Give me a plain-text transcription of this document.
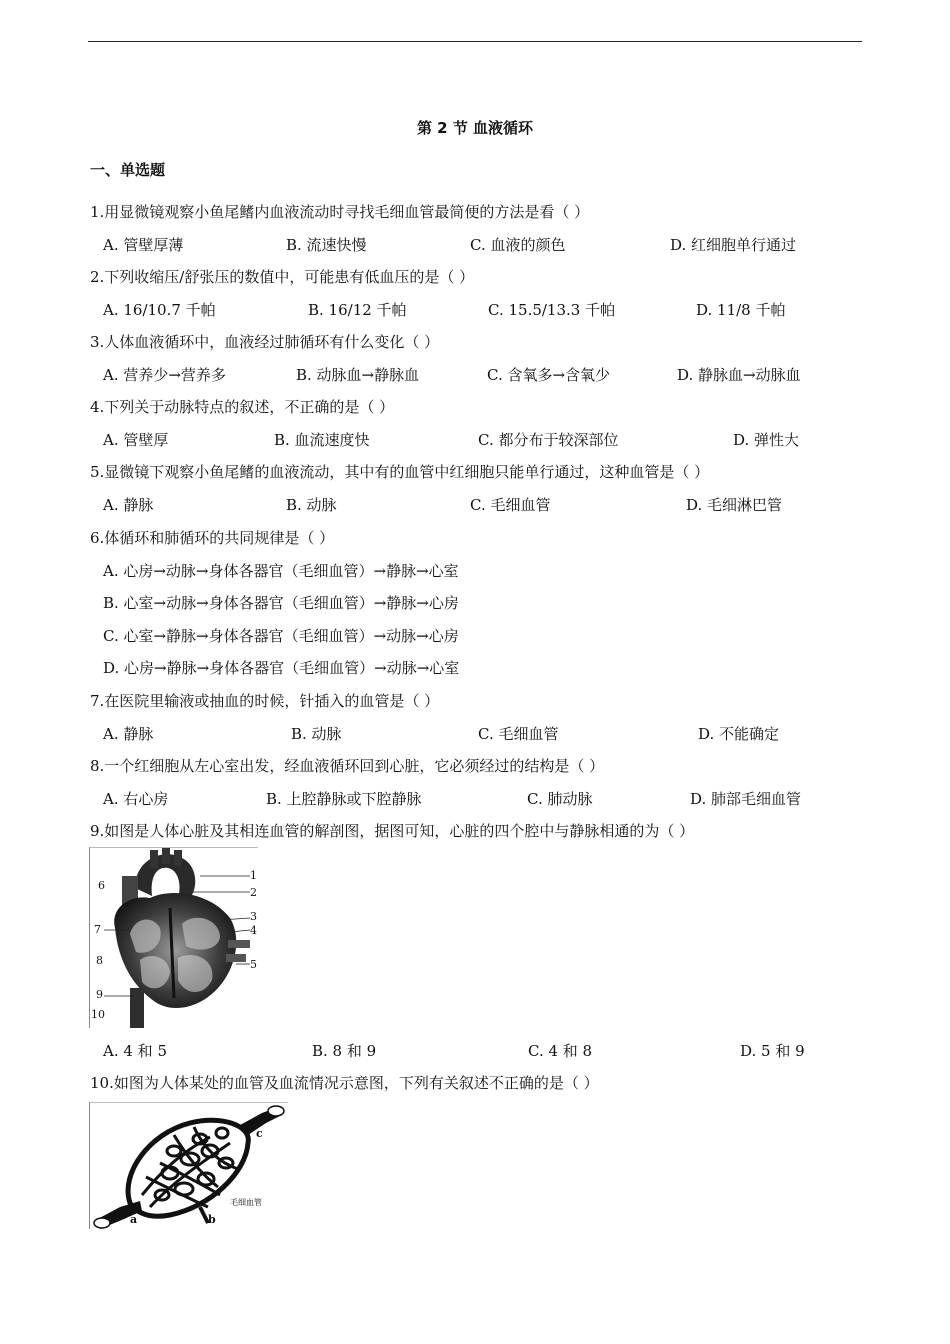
第 2 节 血液循环
一、单选题
1.用显微镜观察小鱼尾鳍内血液流动时寻找毛细血管最简便的方法是看（ ）
A. 管壁厚薄	B. 流速快慢	C. 血液的颜色	D. 红细胞单行通过
2.下列收缩压/舒张压的数值中，可能患有低血压的是（ ）
A. 16/10.7 千帕	B. 16/12 千帕	C. 15.5/13.3 千帕	D. 11/8 千帕
3.人体血液循环中，血液经过肺循环有什么变化（ ）
A. 营养少→营养多	B. 动脉血→静脉血	C. 含氧多→含氧少	D. 静脉血→动脉血
4.下列关于动脉特点的叙述，不正确的是（ ）
A. 管壁厚	B. 血流速度快	C. 都分布于较深部位	D. 弹性大
5.显微镜下观察小鱼尾鳍的血液流动，其中有的血管中红细胞只能单行通过，这种血管是（ ）
A. 静脉	B. 动脉	C. 毛细血管	D. 毛细淋巴管
6.体循环和肺循环的共同规律是（ ）
A. 心房→动脉→身体各器官（毛细血管）→静脉→心室
B. 心室→动脉→身体各器官（毛细血管）→静脉→心房
C. 心室→静脉→身体各器官（毛细血管）→动脉→心房
D. 心房→静脉→身体各器官（毛细血管）→动脉→心室
7.在医院里输液或抽血的时候，针插入的血管是（ ）
A. 静脉	B. 动脉	C. 毛细血管	D. 不能确定
8.一个红细胞从左心室出发，经血液循环回到心脏，它必须经过的结构是（ ）
A. 右心房	B. 上腔静脉或下腔静脉	C. 肺动脉	D. 肺部毛细血管
9.如图是人体心脏及其相连血管的解剖图，据图可知，心脏的四个腔中与静脉相通的为（ ）
1
2
3
4
5
6
7
8
9
10
A. 4 和 5	B. 8 和 9	C. 4 和 8	D. 5 和 9
10.如图为人体某处的血管及血流情况示意图，下列有关叙述不正确的是（ ）
a	b
c
毛细血管
